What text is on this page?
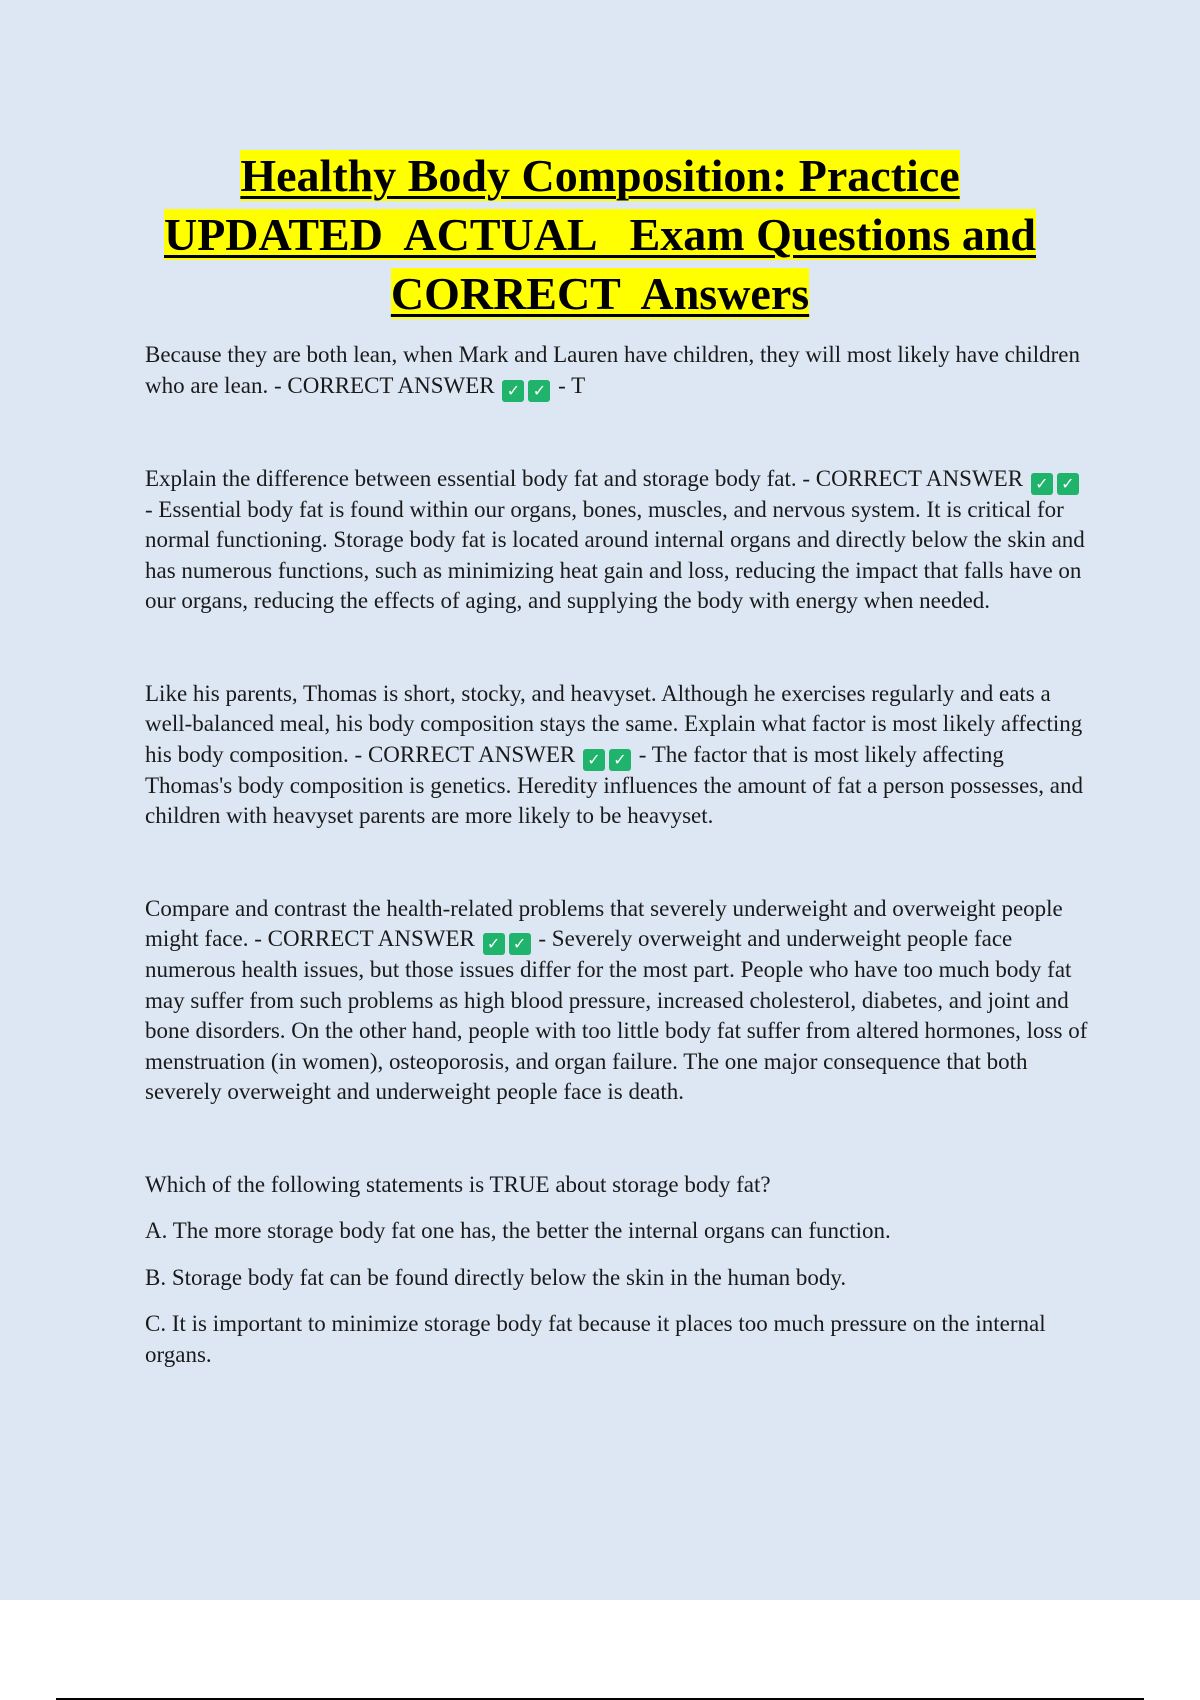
Healthy Body Composition: Practice
UPDATED  ACTUAL   Exam Questions and
CORRECT  Answers

Because they are both lean, when Mark and Lauren have children, they will most likely have children who are lean. - CORRECT ANSWER ✓ ✓ - T

Explain the difference between essential body fat and storage body fat. - CORRECT ANSWER ✓ ✓ - Essential body fat is found within our organs, bones, muscles, and nervous system. It is critical for normal functioning. Storage body fat is located around internal organs and directly below the skin and has numerous functions, such as minimizing heat gain and loss, reducing the impact that falls have on our organs, reducing the effects of aging, and supplying the body with energy when needed.

Like his parents, Thomas is short, stocky, and heavyset. Although he exercises regularly and eats a well-balanced meal, his body composition stays the same. Explain what factor is most likely affecting his body composition. - CORRECT ANSWER ✓ ✓ - The factor that is most likely affecting Thomas's body composition is genetics. Heredity influences the amount of fat a person possesses, and children with heavyset parents are more likely to be heavyset.

Compare and contrast the health-related problems that severely underweight and overweight people might face. - CORRECT ANSWER ✓ ✓ - Severely overweight and underweight people face numerous health issues, but those issues differ for the most part. People who have too much body fat may suffer from such problems as high blood pressure, increased cholesterol, diabetes, and joint and bone disorders. On the other hand, people with too little body fat suffer from altered hormones, loss of menstruation (in women), osteoporosis, and organ failure. The one major consequence that both severely overweight and underweight people face is death.

Which of the following statements is TRUE about storage body fat?

A. The more storage body fat one has, the better the internal organs can function.

B. Storage body fat can be found directly below the skin in the human body.

C. It is important to minimize storage body fat because it places too much pressure on the internal organs.
